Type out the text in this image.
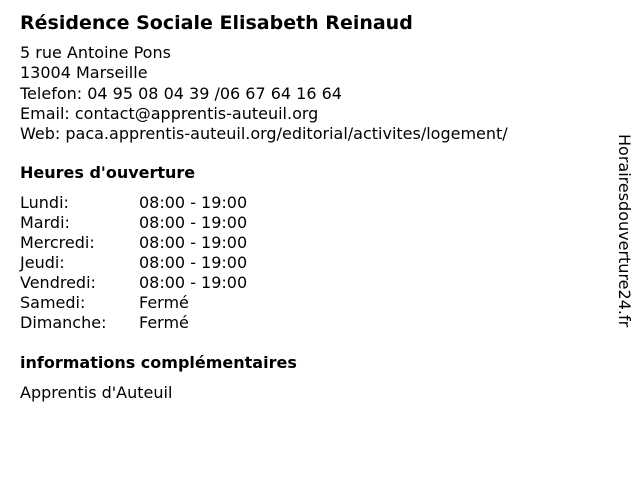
Résidence Sociale Elisabeth Reinaud
5 rue Antoine Pons
13004 Marseille
Telefon: 04 95 08 04 39 /06 67 64 16 64
Email: contact@apprentis-auteuil.org
Web: paca.apprentis-auteuil.org/editorial/activites/logement/
Heures d'ouverture
Lundi:	08:00 - 19:00
Mardi:	08:00 - 19:00
Mercredi:	08:00 - 19:00
Jeudi:	08:00 - 19:00
Vendredi:	08:00 - 19:00
Samedi:	Fermé
Dimanche:	Fermé
informations complémentaires
Apprentis d'Auteuil
Horairesdouverture24.fr
